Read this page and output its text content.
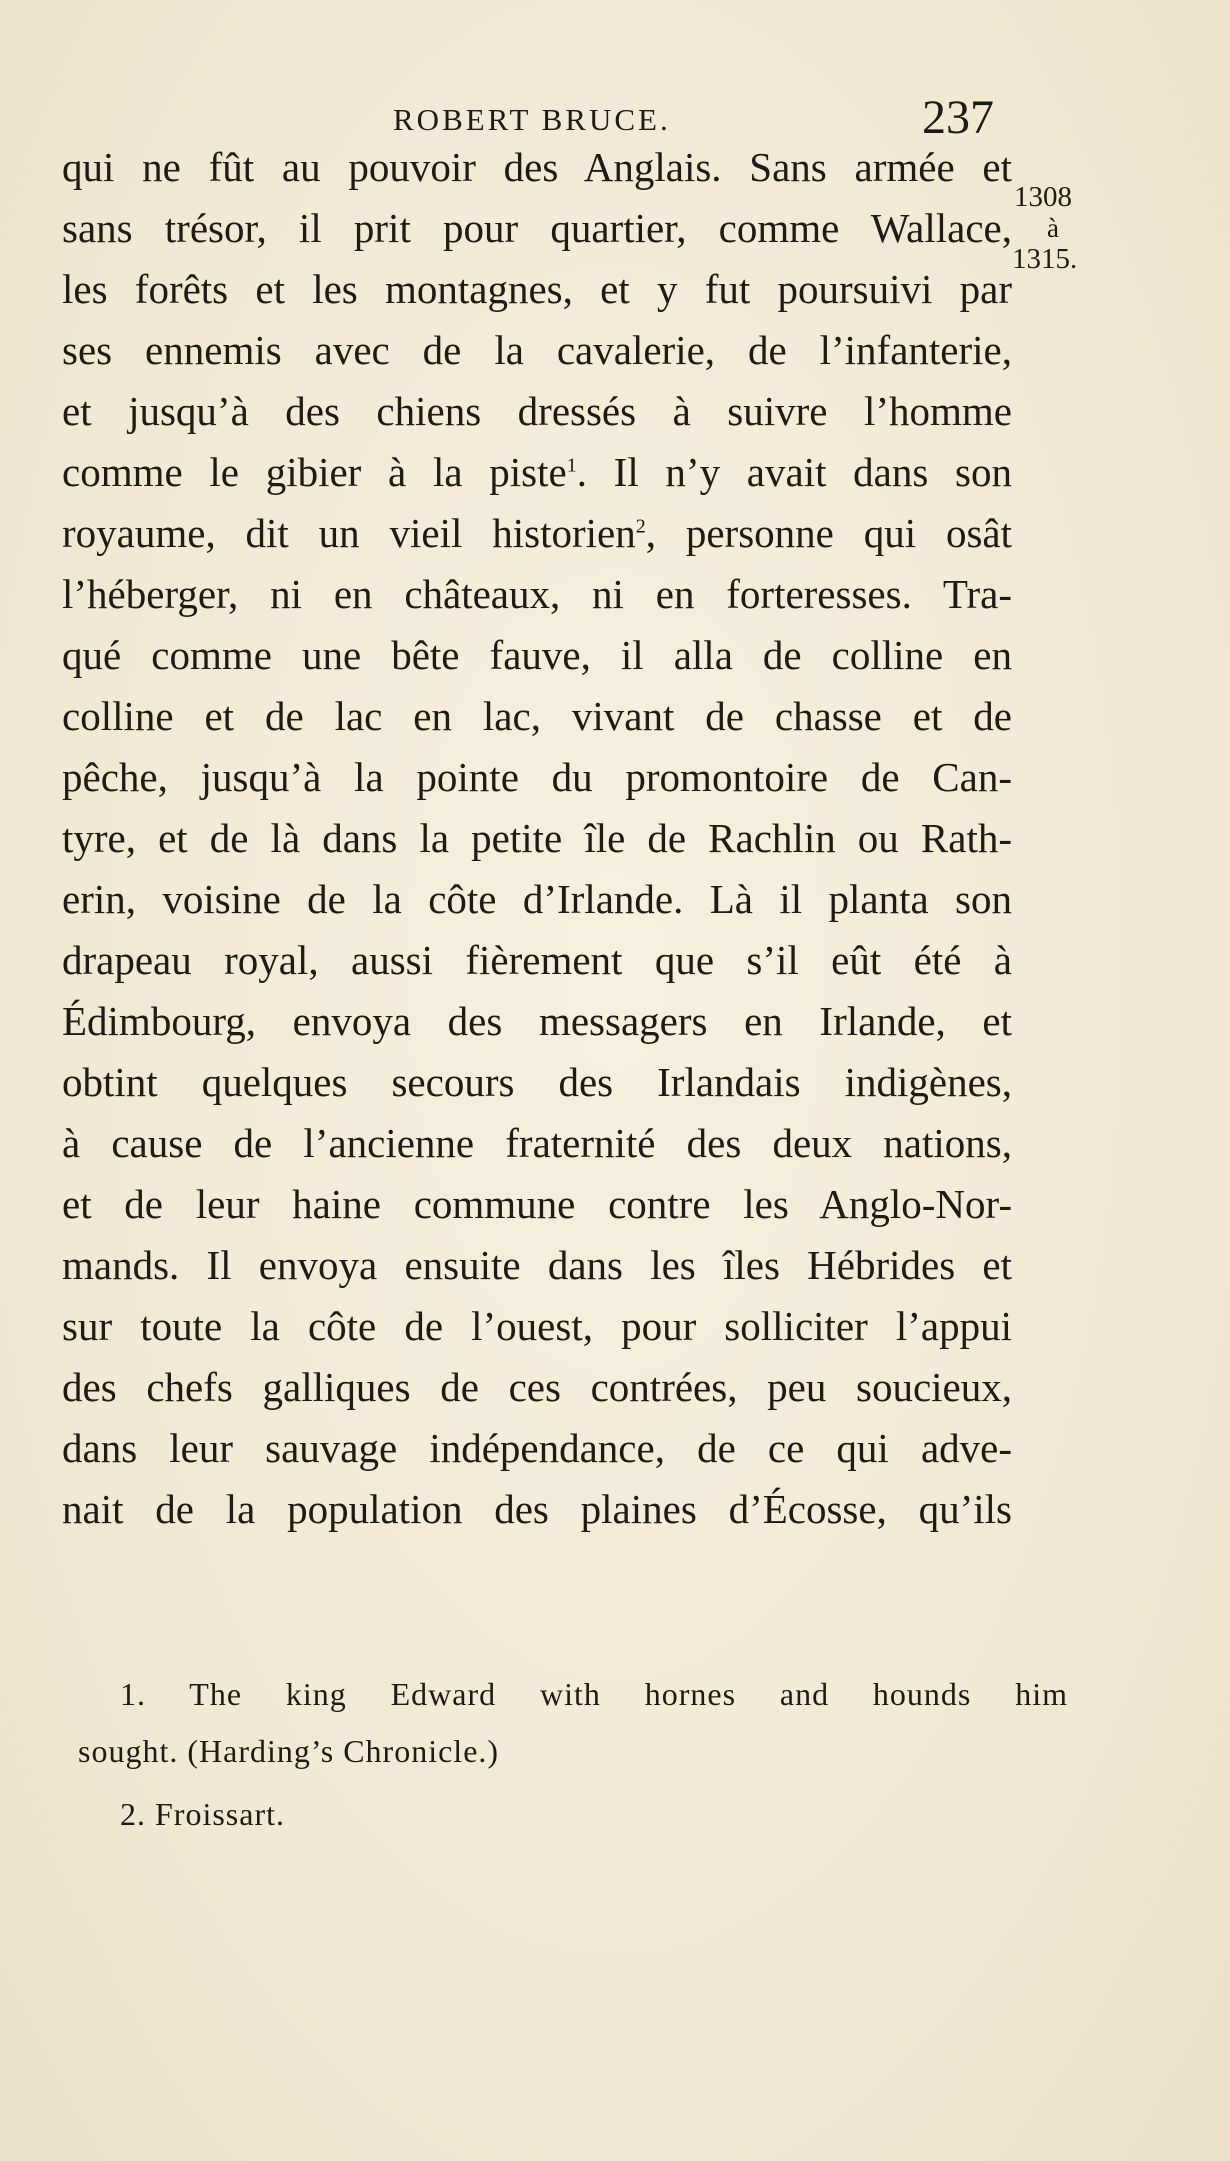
ROBERT BRUCE.	237
1308
à
1315.
qui ne fût au pouvoir des Anglais. Sans armée et
sans trésor, il prit pour quartier, comme Wallace,
les forêts et les montagnes, et y fut poursuivi par
ses ennemis avec de la cavalerie, de l’infanterie,
et jusqu’à des chiens dressés à suivre l’homme
comme le gibier à la piste$^1$. Il n’y avait dans son
royaume, dit un vieil historien$^2$, personne qui osât
l’héberger, ni en châteaux, ni en forteresses. Tra-
qué comme une bête fauve, il alla de colline en
colline et de lac en lac, vivant de chasse et de
pêche, jusqu’à la pointe du promontoire de Can-
tyre, et de là dans la petite île de Rachlin ou Rath-
erin, voisine de la côte d’Irlande. Là il planta son
drapeau royal, aussi fièrement que s’il eût été à
Édimbourg, envoya des messagers en Irlande, et
obtint quelques secours des Irlandais indigènes,
à cause de l’ancienne fraternité des deux nations,
et de leur haine commune contre les Anglo-Nor-
mands. Il envoya ensuite dans les îles Hébrides et
sur toute la côte de l’ouest, pour solliciter l’appui
des chefs galliques de ces contrées, peu soucieux,
dans leur sauvage indépendance, de ce qui adve-
nait de la population des plaines d’Écosse, qu’ils
1. The king Edward with hornes and hounds him
sought. (Harding’s Chronicle.)
2. Froissart.
